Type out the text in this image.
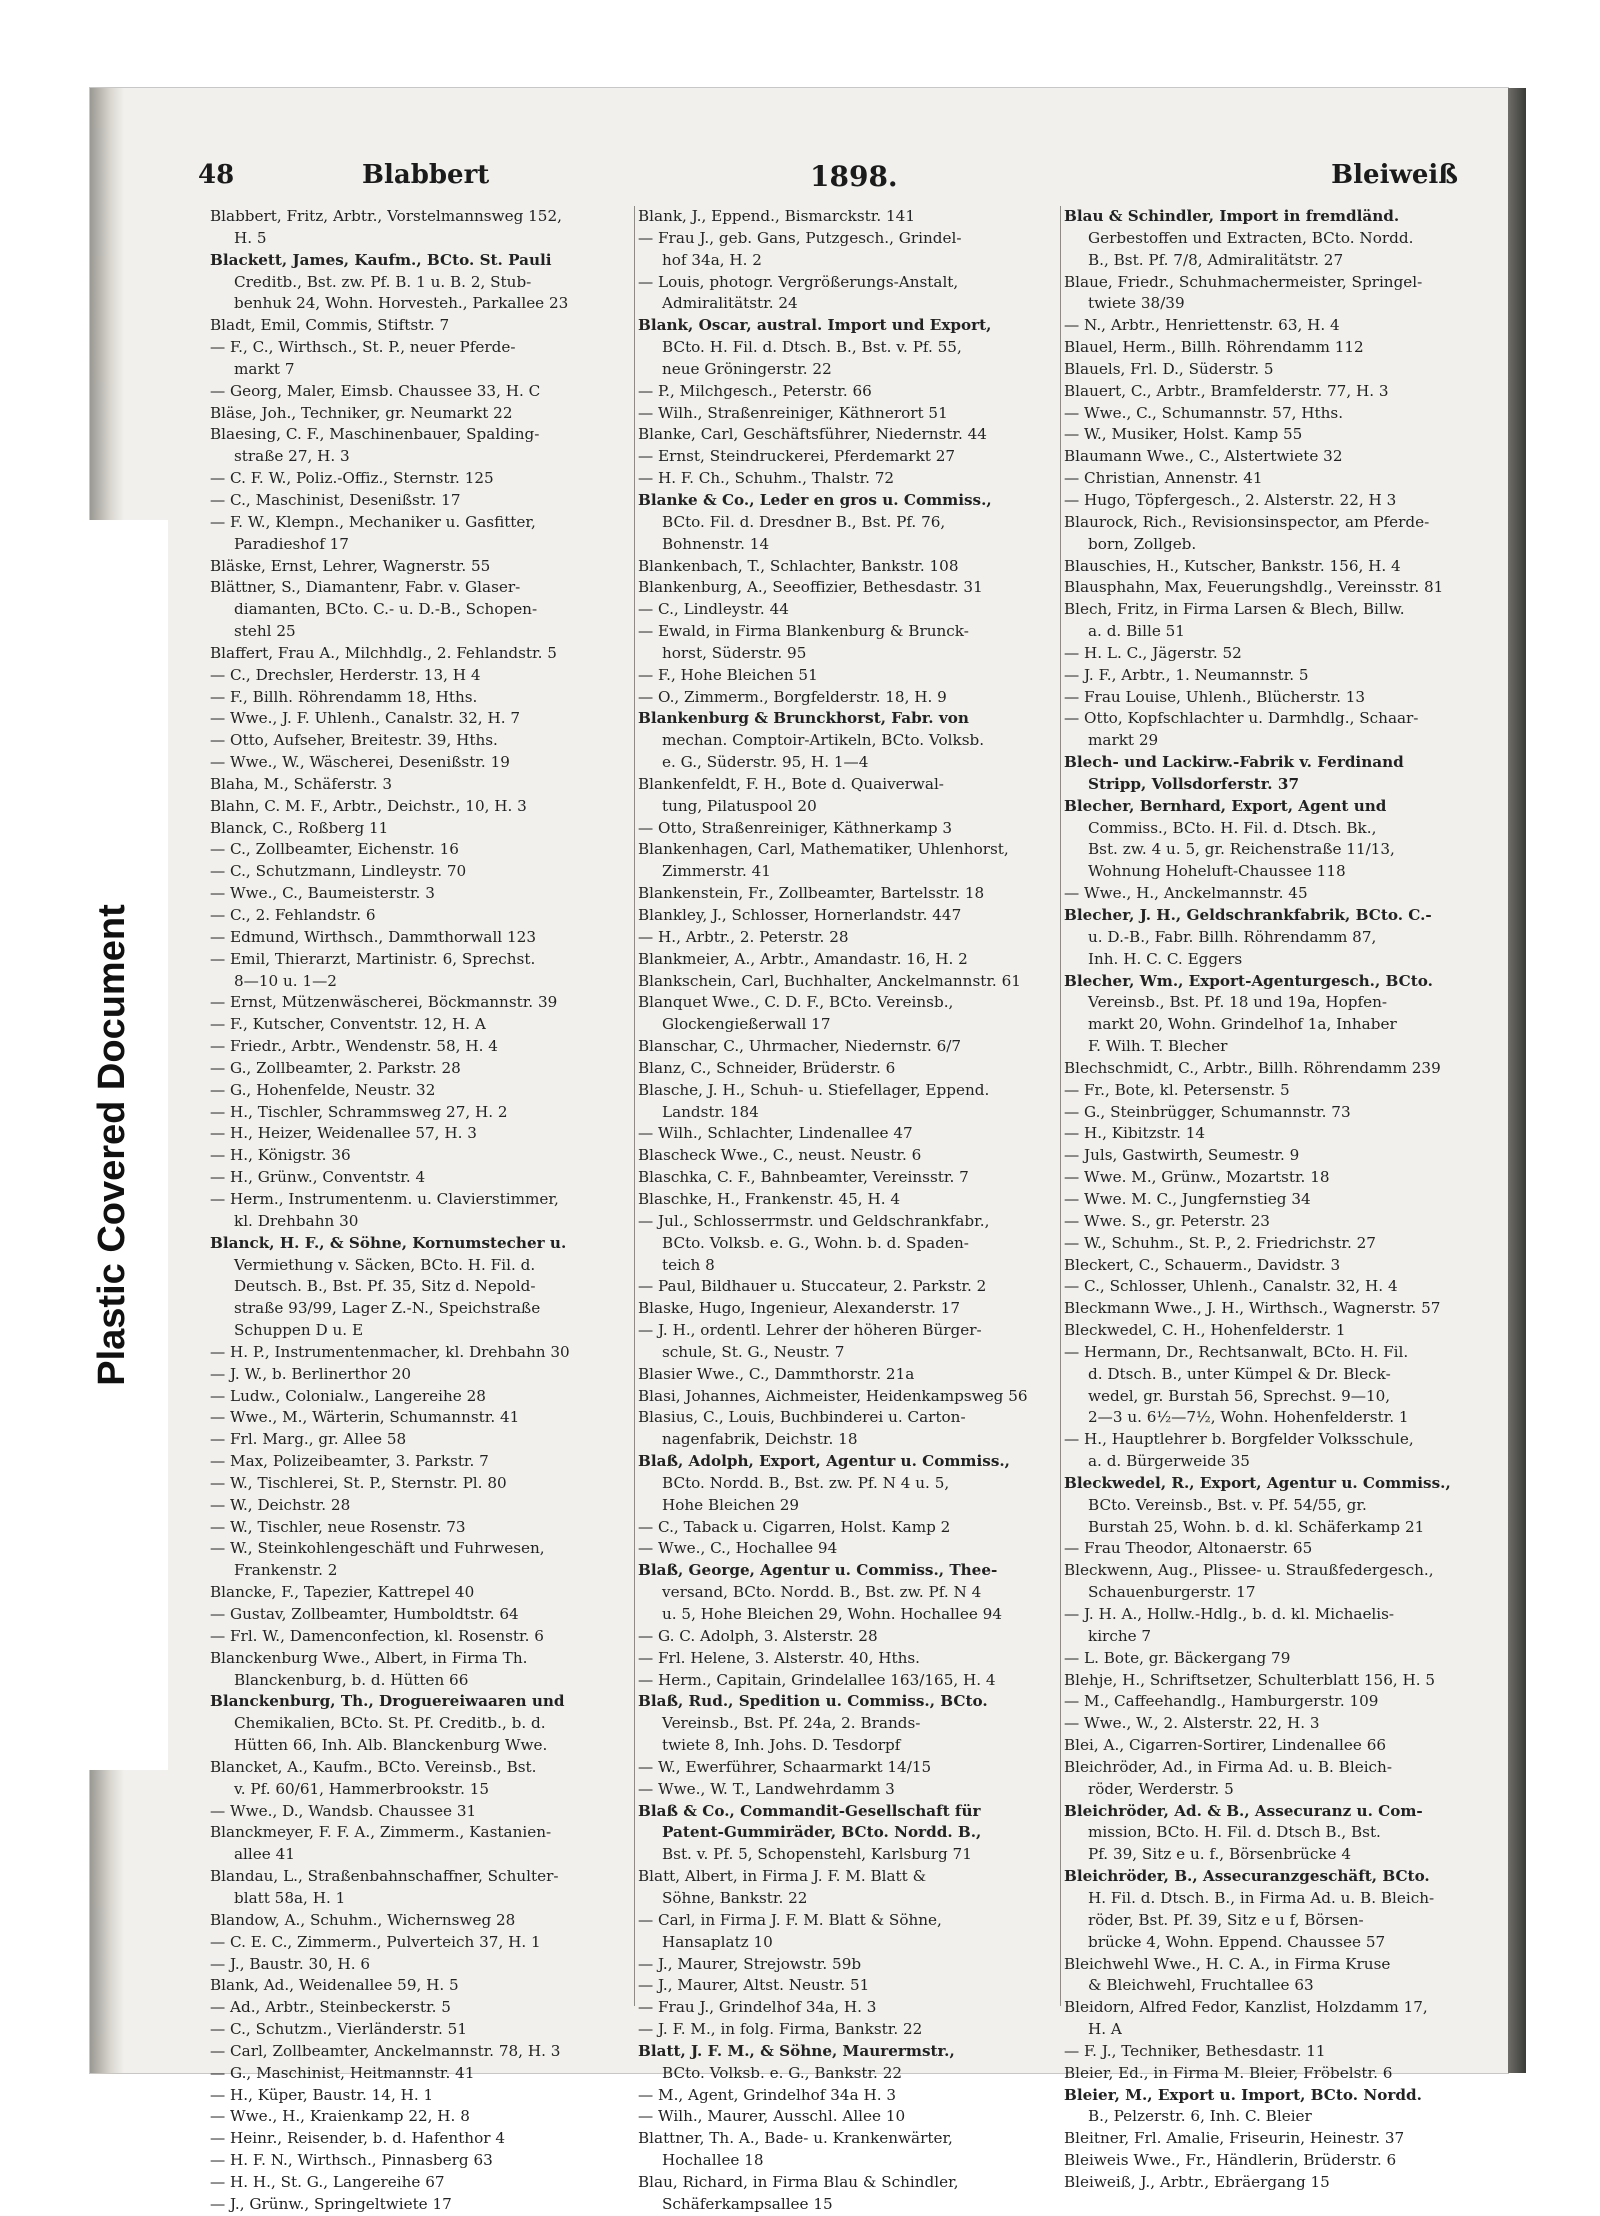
Plastic Covered Document
48	Blabbert	1898.	Bleiweiß
Blabbert, Fritz, Arbtr., Vorstelmannsweg 152,
H. 5
Blackett, James, Kaufm., BCto. St. Pauli
Creditb., Bst. zw. Pf. B. 1 u. B. 2, Stub-
benhuk 24, Wohn. Horvesteh., Parkallee 23
Bladt, Emil, Commis, Stiftstr. 7
— F., C., Wirthsch., St. P., neuer Pferde-
markt 7
— Georg, Maler, Eimsb. Chaussee 33, H. C
Bläse, Joh., Techniker, gr. Neumarkt 22
Blaesing, C. F., Maschinenbauer, Spalding-
straße 27, H. 3
— C. F. W., Poliz.-Offiz., Sternstr. 125
— C., Maschinist, Desenißstr. 17
— F. W., Klempn., Mechaniker u. Gasfitter,
Paradieshof 17
Bläske, Ernst, Lehrer, Wagnerstr. 55
Blättner, S., Diamantenr, Fabr. v. Glaser-
diamanten, BCto. C.- u. D.-B., Schopen-
stehl 25
Blaffert, Frau A., Milchhdlg., 2. Fehlandstr. 5
— C., Drechsler, Herderstr. 13, H 4
— F., Billh. Röhrendamm 18, Hths.
— Wwe., J. F. Uhlenh., Canalstr. 32, H. 7
— Otto, Aufseher, Breitestr. 39, Hths.
— Wwe., W., Wäscherei, Desenißstr. 19
Blaha, M., Schäferstr. 3
Blahn, C. M. F., Arbtr., Deichstr., 10, H. 3
Blanck, C., Roßberg 11
— C., Zollbeamter, Eichenstr. 16
— C., Schutzmann, Lindleystr. 70
— Wwe., C., Baumeisterstr. 3
— C., 2. Fehlandstr. 6
— Edmund, Wirthsch., Dammthorwall 123
— Emil, Thierarzt, Martinistr. 6, Sprechst.
8—10 u. 1—2
— Ernst, Mützenwäscherei, Böckmannstr. 39
— F., Kutscher, Conventstr. 12, H. A
— Friedr., Arbtr., Wendenstr. 58, H. 4
— G., Zollbeamter, 2. Parkstr. 28
— G., Hohenfelde, Neustr. 32
— H., Tischler, Schrammsweg 27, H. 2
— H., Heizer, Weidenallee 57, H. 3
— H., Königstr. 36
— H., Grünw., Conventstr. 4
— Herm., Instrumentenm. u. Clavierstimmer,
kl. Drehbahn 30
Blanck, H. F., & Söhne, Kornumstecher u.
Vermiethung v. Säcken, BCto. H. Fil. d.
Deutsch. B., Bst. Pf. 35, Sitz d. Nepold-
straße 93/99, Lager Z.-N., Speichstraße
Schuppen D u. E
— H. P., Instrumentenmacher, kl. Drehbahn 30
— J. W., b. Berlinerthor 20
— Ludw., Colonialw., Langereihe 28
— Wwe., M., Wärterin, Schumannstr. 41
— Frl. Marg., gr. Allee 58
— Max, Polizeibeamter, 3. Parkstr. 7
— W., Tischlerei, St. P., Sternstr. Pl. 80
— W., Deichstr. 28
— W., Tischler, neue Rosenstr. 73
— W., Steinkohlengeschäft und Fuhrwesen,
Frankenstr. 2
Blancke, F., Tapezier, Kattrepel 40
— Gustav, Zollbeamter, Humboldtstr. 64
— Frl. W., Damenconfection, kl. Rosenstr. 6
Blanckenburg Wwe., Albert, in Firma Th.
Blanckenburg, b. d. Hütten 66
Blanckenburg, Th., Droguereiwaaren und
Chemikalien, BCto. St. Pf. Creditb., b. d.
Hütten 66, Inh. Alb. Blanckenburg Wwe.
Blancket, A., Kaufm., BCto. Vereinsb., Bst.
v. Pf. 60/61, Hammerbrookstr. 15
— Wwe., D., Wandsb. Chaussee 31
Blanckmeyer, F. F. A., Zimmerm., Kastanien-
allee 41
Blandau, L., Straßenbahnschaffner, Schulter-
blatt 58a, H. 1
Blandow, A., Schuhm., Wichernsweg 28
— C. E. C., Zimmerm., Pulverteich 37, H. 1
— J., Baustr. 30, H. 6
Blank, Ad., Weidenallee 59, H. 5
— Ad., Arbtr., Steinbeckerstr. 5
— C., Schutzm., Vierländerstr. 51
— Carl, Zollbeamter, Anckelmannstr. 78, H. 3
— G., Maschinist, Heitmannstr. 41
— H., Küper, Baustr. 14, H. 1
— Wwe., H., Kraienkamp 22, H. 8
— Heinr., Reisender, b. d. Hafenthor 4
— H. F. N., Wirthsch., Pinnasberg 63
— H. H., St. G., Langereihe 67
— J., Grünw., Springeltwiete 17
Blank, J., Eppend., Bismarckstr. 141
— Frau J., geb. Gans, Putzgesch., Grindel-
hof 34a, H. 2
— Louis, photogr. Vergrößerungs-Anstalt,
Admiralitätstr. 24
Blank, Oscar, austral. Import und Export,
BCto. H. Fil. d. Dtsch. B., Bst. v. Pf. 55,
neue Gröningerstr. 22
— P., Milchgesch., Peterstr. 66
— Wilh., Straßenreiniger, Käthnerort 51
Blanke, Carl, Geschäftsführer, Niedernstr. 44
— Ernst, Steindruckerei, Pferdemarkt 27
— H. F. Ch., Schuhm., Thalstr. 72
Blanke & Co., Leder en gros u. Commiss.,
BCto. Fil. d. Dresdner B., Bst. Pf. 76,
Bohnenstr. 14
Blankenbach, T., Schlachter, Bankstr. 108
Blankenburg, A., Seeoffizier, Bethesdastr. 31
— C., Lindleystr. 44
— Ewald, in Firma Blankenburg & Brunck-
horst, Süderstr. 95
— F., Hohe Bleichen 51
— O., Zimmerm., Borgfelderstr. 18, H. 9
Blankenburg & Brunckhorst, Fabr. von
mechan. Comptoir-Artikeln, BCto. Volksb.
e. G., Süderstr. 95, H. 1—4
Blankenfeldt, F. H., Bote d. Quaiverwal-
tung, Pilatuspool 20
— Otto, Straßenreiniger, Käthnerkamp 3
Blankenhagen, Carl, Mathematiker, Uhlenhorst,
Zimmerstr. 41
Blankenstein, Fr., Zollbeamter, Bartelsstr. 18
Blankley, J., Schlosser, Hornerlandstr. 447
— H., Arbtr., 2. Peterstr. 28
Blankmeier, A., Arbtr., Amandastr. 16, H. 2
Blankschein, Carl, Buchhalter, Anckelmannstr. 61
Blanquet Wwe., C. D. F., BCto. Vereinsb.,
Glockengießerwall 17
Blanschar, C., Uhrmacher, Niedernstr. 6/7
Blanz, C., Schneider, Brüderstr. 6
Blasche, J. H., Schuh- u. Stiefellager, Eppend.
Landstr. 184
— Wilh., Schlachter, Lindenallee 47
Blascheck Wwe., C., neust. Neustr. 6
Blaschka, C. F., Bahnbeamter, Vereinsstr. 7
Blaschke, H., Frankenstr. 45, H. 4
— Jul., Schlosserrmstr. und Geldschrankfabr.,
BCto. Volksb. e. G., Wohn. b. d. Spaden-
teich 8
— Paul, Bildhauer u. Stuccateur, 2. Parkstr. 2
Blaske, Hugo, Ingenieur, Alexanderstr. 17
— J. H., ordentl. Lehrer der höheren Bürger-
schule, St. G., Neustr. 7
Blasier Wwe., C., Dammthorstr. 21a
Blasi, Johannes, Aichmeister, Heidenkampsweg 56
Blasius, C., Louis, Buchbinderei u. Carton-
nagenfabrik, Deichstr. 18
Blaß, Adolph, Export, Agentur u. Commiss.,
BCto. Nordd. B., Bst. zw. Pf. N 4 u. 5,
Hohe Bleichen 29
— C., Taback u. Cigarren, Holst. Kamp 2
— Wwe., C., Hochallee 94
Blaß, George, Agentur u. Commiss., Thee-
versand, BCto. Nordd. B., Bst. zw. Pf. N 4
u. 5, Hohe Bleichen 29, Wohn. Hochallee 94
— G. C. Adolph, 3. Alsterstr. 28
— Frl. Helene, 3. Alsterstr. 40, Hths.
— Herm., Capitain, Grindelallee 163/165, H. 4
Blaß, Rud., Spedition u. Commiss., BCto.
Vereinsb., Bst. Pf. 24a, 2. Brands-
twiete 8, Inh. Johs. D. Tesdorpf
— W., Ewerführer, Schaarmarkt 14/15
— Wwe., W. T., Landwehrdamm 3
Blaß & Co., Commandit-Gesellschaft für
Patent-Gummiräder, BCto. Nordd. B.,
Bst. v. Pf. 5, Schopenstehl, Karlsburg 71
Blatt, Albert, in Firma J. F. M. Blatt &
Söhne, Bankstr. 22
— Carl, in Firma J. F. M. Blatt & Söhne,
Hansaplatz 10
— J., Maurer, Strejowstr. 59b
— J., Maurer, Altst. Neustr. 51
— Frau J., Grindelhof 34a, H. 3
— J. F. M., in folg. Firma, Bankstr. 22
Blatt, J. F. M., & Söhne, Maurermstr.,
BCto. Volksb. e. G., Bankstr. 22
— M., Agent, Grindelhof 34a H. 3
— Wilh., Maurer, Ausschl. Allee 10
Blattner, Th. A., Bade- u. Krankenwärter,
Hochallee 18
Blau, Richard, in Firma Blau & Schindler,
Schäferkampsallee 15
Blau & Schindler, Import in fremdländ.
Gerbestoffen und Extracten, BCto. Nordd.
B., Bst. Pf. 7/8, Admiralitätstr. 27
Blaue, Friedr., Schuhmachermeister, Springel-
twiete 38/39
— N., Arbtr., Henriettenstr. 63, H. 4
Blauel, Herm., Billh. Röhrendamm 112
Blauels, Frl. D., Süderstr. 5
Blauert, C., Arbtr., Bramfelderstr. 77, H. 3
— Wwe., C., Schumannstr. 57, Hths.
— W., Musiker, Holst. Kamp 55
Blaumann Wwe., C., Alstertwiete 32
— Christian, Annenstr. 41
— Hugo, Töpfergesch., 2. Alsterstr. 22, H 3
Blaurock, Rich., Revisionsinspector, am Pferde-
born, Zollgeb.
Blauschies, H., Kutscher, Bankstr. 156, H. 4
Blausphahn, Max, Feuerungshdlg., Vereinsstr. 81
Blech, Fritz, in Firma Larsen & Blech, Billw.
a. d. Bille 51
— H. L. C., Jägerstr. 52
— J. F., Arbtr., 1. Neumannstr. 5
— Frau Louise, Uhlenh., Blücherstr. 13
— Otto, Kopfschlachter u. Darmhdlg., Schaar-
markt 29
Blech- und Lackirw.-Fabrik v. Ferdinand
Stripp, Vollsdorferstr. 37
Blecher, Bernhard, Export, Agent und
Commiss., BCto. H. Fil. d. Dtsch. Bk.,
Bst. zw. 4 u. 5, gr. Reichenstraße 11/13,
Wohnung Hoheluft-Chaussee 118
— Wwe., H., Anckelmannstr. 45
Blecher, J. H., Geldschrankfabrik, BCto. C.-
u. D.-B., Fabr. Billh. Röhrendamm 87,
Inh. H. C. C. Eggers
Blecher, Wm., Export-Agenturgesch., BCto.
Vereinsb., Bst. Pf. 18 und 19a, Hopfen-
markt 20, Wohn. Grindelhof 1a, Inhaber
F. Wilh. T. Blecher
Blechschmidt, C., Arbtr., Billh. Röhrendamm 239
— Fr., Bote, kl. Petersenstr. 5
— G., Steinbrügger, Schumannstr. 73
— H., Kibitzstr. 14
— Juls, Gastwirth, Seumestr. 9
— Wwe. M., Grünw., Mozartstr. 18
— Wwe. M. C., Jungfernstieg 34
— Wwe. S., gr. Peterstr. 23
— W., Schuhm., St. P., 2. Friedrichstr. 27
Bleckert, C., Schauerm., Davidstr. 3
— C., Schlosser, Uhlenh., Canalstr. 32, H. 4
Bleckmann Wwe., J. H., Wirthsch., Wagnerstr. 57
Bleckwedel, C. H., Hohenfelderstr. 1
— Hermann, Dr., Rechtsanwalt, BCto. H. Fil.
d. Dtsch. B., unter Kümpel & Dr. Bleck-
wedel, gr. Burstah 56, Sprechst. 9—10,
2—3 u. 6½—7½, Wohn. Hohenfelderstr. 1
— H., Hauptlehrer b. Borgfelder Volksschule,
a. d. Bürgerweide 35
Bleckwedel, R., Export, Agentur u. Commiss.,
BCto. Vereinsb., Bst. v. Pf. 54/55, gr.
Burstah 25, Wohn. b. d. kl. Schäferkamp 21
— Frau Theodor, Altonaerstr. 65
Bleckwenn, Aug., Plissee- u. Straußfedergesch.,
Schauenburgerstr. 17
— J. H. A., Hollw.-Hdlg., b. d. kl. Michaelis-
kirche 7
— L. Bote, gr. Bäckergang 79
Blehje, H., Schriftsetzer, Schulterblatt 156, H. 5
— M., Caffeehandlg., Hamburgerstr. 109
— Wwe., W., 2. Alsterstr. 22, H. 3
Blei, A., Cigarren-Sortirer, Lindenallee 66
Bleichröder, Ad., in Firma Ad. u. B. Bleich-
röder, Werderstr. 5
Bleichröder, Ad. & B., Assecuranz u. Com-
mission, BCto. H. Fil. d. Dtsch B., Bst.
Pf. 39, Sitz e u. f., Börsenbrücke 4
Bleichröder, B., Assecuranzgeschäft, BCto.
H. Fil. d. Dtsch. B., in Firma Ad. u. B. Bleich-
röder, Bst. Pf. 39, Sitz e u f, Börsen-
brücke 4, Wohn. Eppend. Chaussee 57
Bleichwehl Wwe., H. C. A., in Firma Kruse
& Bleichwehl, Fruchtallee 63
Bleidorn, Alfred Fedor, Kanzlist, Holzdamm 17,
H. A
— F. J., Techniker, Bethesdastr. 11
Bleier, Ed., in Firma M. Bleier, Fröbelstr. 6
Bleier, M., Export u. Import, BCto. Nordd.
B., Pelzerstr. 6, Inh. C. Bleier
Bleitner, Frl. Amalie, Friseurin, Heinestr. 37
Bleiweis Wwe., Fr., Händlerin, Brüderstr. 6
Bleiweiß, J., Arbtr., Ebräergang 15
